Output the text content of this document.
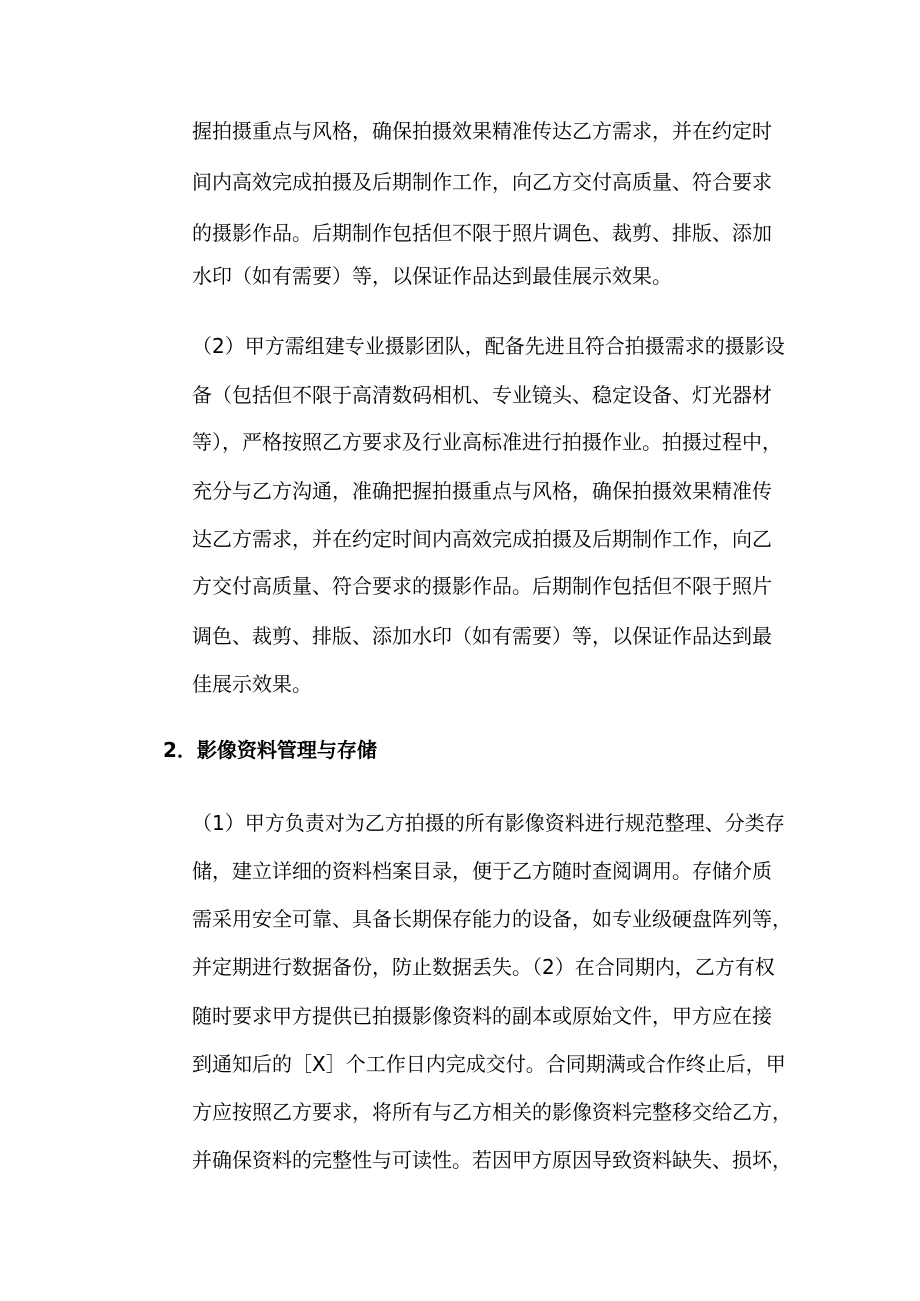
握拍摄重点与风格，确保拍摄效果精准传达乙方需求，并在约定时
间内高效完成拍摄及后期制作工作，向乙方交付高质量、符合要求
的摄影作品。后期制作包括但不限于照片调色、裁剪、排版、添加
水印（如有需要）等，以保证作品达到最佳展示效果。
（2）甲方需组建专业摄影团队，配备先进且符合拍摄需求的摄影设
备（包括但不限于高清数码相机、专业镜头、稳定设备、灯光器材
等），严格按照乙方要求及行业高标准进行拍摄作业。拍摄过程中，
充分与乙方沟通，准确把握拍摄重点与风格，确保拍摄效果精准传
达乙方需求，并在约定时间内高效完成拍摄及后期制作工作，向乙
方交付高质量、符合要求的摄影作品。后期制作包括但不限于照片
调色、裁剪、排版、添加水印（如有需要）等，以保证作品达到最
佳展示效果。
2．影像资料管理与存储
（1）甲方负责对为乙方拍摄的所有影像资料进行规范整理、分类存
储，建立详细的资料档案目录，便于乙方随时查阅调用。存储介质
需采用安全可靠、具备长期保存能力的设备，如专业级硬盘阵列等，
并定期进行数据备份，防止数据丢失。（2）在合同期内，乙方有权
随时要求甲方提供已拍摄影像资料的副本或原始文件，甲方应在接
到通知后的［X］个工作日内完成交付。合同期满或合作终止后，甲
方应按照乙方要求，将所有与乙方相关的影像资料完整移交给乙方，
并确保资料的完整性与可读性。若因甲方原因导致资料缺失、损坏，
